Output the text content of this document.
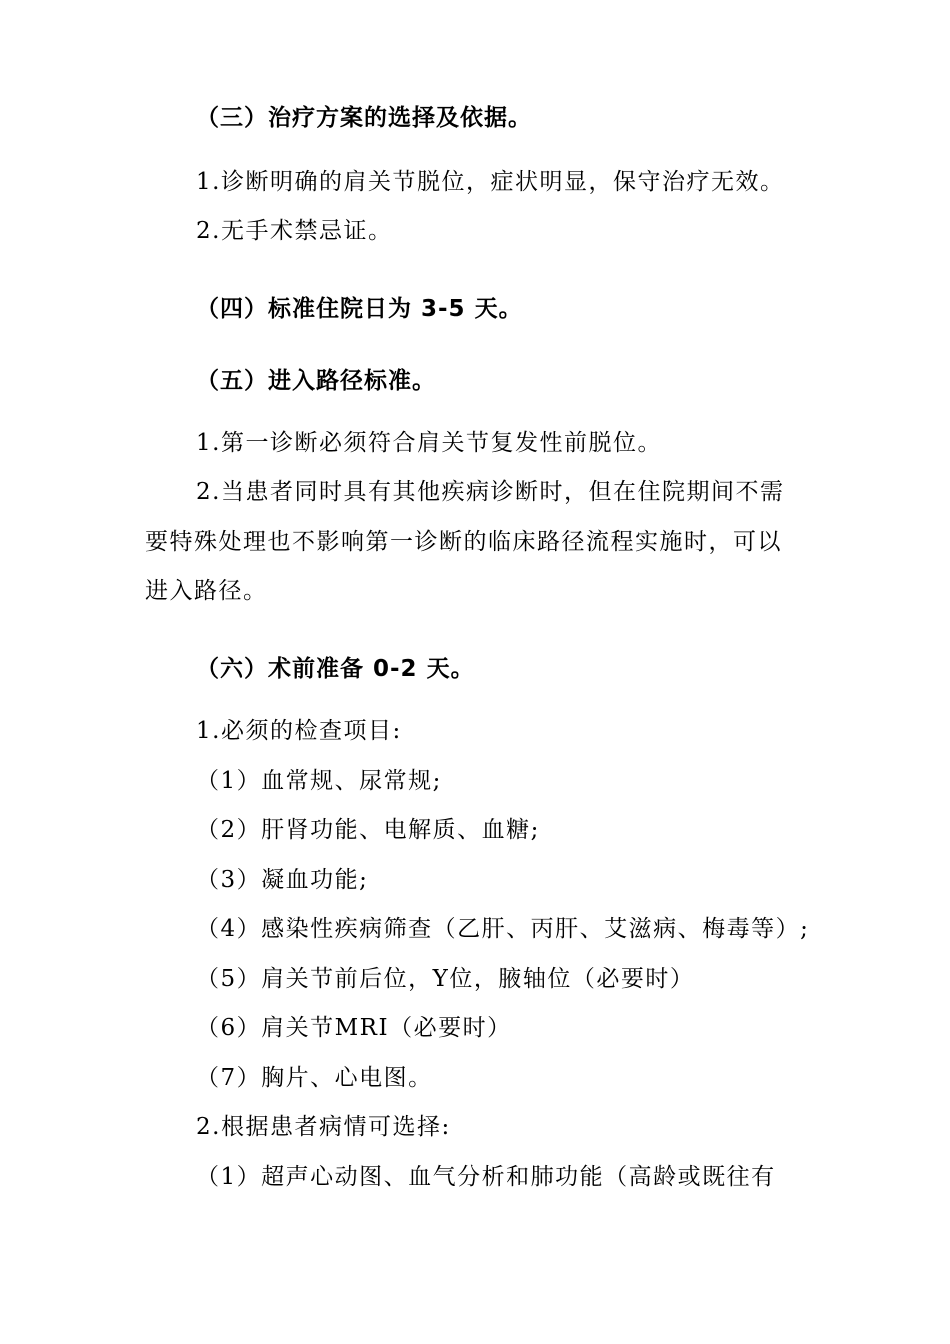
（三）治疗方案的选择及依据。
1.诊断明确的肩关节脱位，症状明显，保守治疗无效。
2.无手术禁忌证。
（四）标准住院日为 3-5 天。
（五）进入路径标准。
1.第一诊断必须符合肩关节复发性前脱位。
2.当患者同时具有其他疾病诊断时，但在住院期间不需
要特殊处理也不影响第一诊断的临床路径流程实施时，可以
进入路径。
（六）术前准备 0-2 天。
1.必须的检查项目:
（1）血常规、尿常规;
（2）肝肾功能、电解质、血糖;
（3）凝血功能;
（4）感染性疾病筛查（乙肝、丙肝、艾滋病、梅毒等）;
（5）肩关节前后位，Y位，腋轴位（必要时）
（6）肩关节MRI（必要时）
（7）胸片、心电图。
2.根据患者病情可选择:
（1）超声心动图、血气分析和肺功能（高龄或既往有
